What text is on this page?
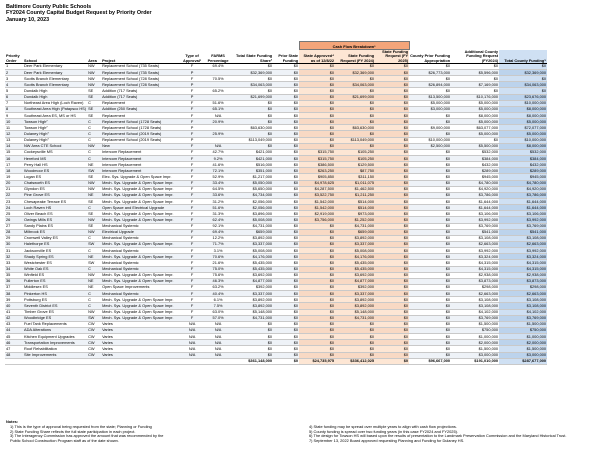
Baltimore County Public Schools
FY2024 County Capital Budget Request by Priority Order
January 10, 2023
								Cash Flow Breakdown³					
Priority Order	School	Area	Project	Type of Approval¹	FARMS Percentage	Total State Funding Share²	Prior State Funding	State Approved⁴ as of 12/8/22	State Funding Request (FY 2024)	State Funding Request (FY 2025)	County Prior Funding Appropriation	Additional County Funding Request (FY2024)	Total County Funding⁵
1	Deer Park Elementary	NW	Replacement School (735 Seats)	F	69.4%	$0	$0	$0	$0	$0	$0	$0	$0
2	Deer Park Elementary	NW	Replacement School (735 Seats)	P		$32,369,000	$0	$0	$32,369,000	$0	$26,773,000	$5,596,000	$32,369,000
3	Scotts Branch Elementary	NW	Replacement School (728 Seats)	F	70.5%	$0	$0	$0	$0	$0	$0	$0	$0
4	Scotts Branch Elementary	NW	Replacement School (728 Seats)	P		$34,063,000	$0	$0	$34,063,000	$0	$26,894,000	$7,169,000	$34,063,000
5	Dundalk High	SE	Addition (717 Seats)	F	65.2%	$0	$0	$0	$0	$0	$0	$0	$0
6	Dundalk High	SE	Addition (717 Seats)	P		$21,699,000	$0	$0	$21,699,000	$0	$13,500,000	$10,176,000	$23,676,000
7	Northeast Area High (Loch Raven)	C	Replacement	F	51.6%	$0	$0	$0	$0	$0	$5,000,000	$5,000,000	$10,000,000
8	Southeast Area High (Patapsco HS)	SE	Addition (250 Seats)	F	65.1%	$0	$0	$0	$0	$0	$3,000,000	$5,000,000	$8,000,000
9	Southeast Area ES, MS or HS	SE	Replacement	F	N/A	$0	$0	$0	$0	$0	$0	$8,000,000	$8,000,000
10	Towson High⁷	C	Replacement School (1728 Seats)	F	20.9%	$0	$0	$0	$0	$0	$0	$5,000,000	$5,000,000
11	Towson High⁷	C	Replacement School (1728 Seats)	P		$63,630,000	$0	$0	$63,630,000	$0	$9,000,000	$63,077,000	$72,077,000
12	Dulaney High⁷	C	Replacement School (2019 Seats)	F	25.9%	$0	$0	$0	$0	$0	$0	$5,000,000	$5,000,000
13	Dulaney High⁷	C	Replacement School (2019 Seats)	P		$113,049,000	$0	$0	$113,049,000	$0	$10,000,000	$0	$10,000,000
14	NW Area CTE School	NW	New	F	N/A	$0	$0	$0	$0	$0	$2,500,000	$5,500,000	$8,000,000
15	Cockeysville MS	C	Intercom Replacement	F	42.7%	$421,000	$0	$315,750	$105,250	$0	$0	$532,000	$532,000
16	Hereford MS	C	Intercom Replacement	F	9.2%	$421,000	$0	$315,750	$105,250	$0	$0	$384,000	$384,000
17	Perry Hall HS	NE	Intercom Replacement	F	41.6%	$516,000	$0	$386,500	$129,500	$0	$0	$432,000	$432,000
18	Woodmoor ES	SW	Intercom Replacement	F	72.1%	$351,000	$0	$263,250	$87,750	$0	$0	$289,000	$289,000
19	Logan ES	SE	Elec. Sys. Upgrade & Open Space Impr.	F	52.9%	$1,217,000	$0	$905,850	$311,150	$0	$0	$945,000	$945,000
20	Chatsworth ES	NW	Mech. Sys. Upgrade & Open Space Impr.	F	33.4%	$5,050,000	$0	$4,978,625	$1,011,075	$0	$0	$4,780,000	$4,780,000
21	Glyndon ES	NW	Mech. Sys. Upgrade & Open Space Impr.	F	64.5%	$5,650,000	$0	$4,287,500	$1,462,500	$0	$0	$4,920,000	$4,920,000
22	Pine Grove ES	NE	Mech. Sys. Upgrade & Open Space Impr.	F	33.6%	$4,734,000	$0	$3,522,750	$1,211,250	$0	$0	$3,786,000	$3,786,000
23	Chesapeake Terrace ES	SE	Mech. Sys. Upgrade & Open Space Impr.	F	31.2%	$2,056,000	$0	$1,542,000	$514,000	$0	$0	$1,644,000	$1,644,000
24	Loch Raven HS	C	Open Space and Electrical Upgrade	F	51.6%	$2,056,000	$0	$1,542,000	$514,000	$0	$0	$1,644,000	$1,644,000
25	Oliver Beach ES	SE	Mech. Sys. Upgrade & Open Space Impr.	F	31.3%	$3,896,000	$0	$2,919,000	$973,000	$0	$0	$3,106,000	$3,106,000
26	Owings Mills ES	NW	Mech. Sys. Upgrade & Open Space Impr.	F	62.4%	$5,008,000	$0	$3,756,000	$1,252,000	$0	$0	$3,992,000	$3,992,000
27	Sandy Plains ES	SE	Mechanical Systemic	F	92.1%	$4,731,000	$0	$0	$4,731,000	$0	$0	$3,769,000	$3,769,000
28	Milbrook ES	NW	Electrical Upgrade	F	69.4%	$659,000	$0	$0	$659,000	$0	$0	$541,000	$541,000
29	Cromwell Valley ES	C	Mechanical Systemic	F	12.2%	$3,892,000	$0	$0	$3,892,000	$0	$0	$3,108,000	$3,108,000
30	Halethorpe ES	SW	Mech. Sys. Upgrade & Open Space Impr.	F	71.7%	$3,337,000	$0	$0	$3,337,000	$0	$0	$2,663,000	$2,663,000
31	Jacksonville ES	C	Mechanical Systemic	F	3.1%	$5,008,000	$0	$0	$5,008,000	$0	$0	$3,992,000	$3,992,000
32	Shady Spring ES	NE	Mech. Sys. Upgrade & Open Space Impr.	F	70.6%	$4,176,000	$0	$0	$4,176,000	$0	$0	$3,324,000	$3,324,000
33	Westchester ES	SW	Mechanical Systemic	F	21.6%	$5,435,000	$0	$0	$5,435,000	$0	$0	$4,315,000	$4,315,000
34	White Oak ES	C	Mechanical Systemic	F	75.0%	$5,435,000	$0	$0	$5,435,000	$0	$0	$4,315,000	$4,315,000
35	Winfield ES	NW	Mech. Sys. Upgrade & Open Space Impr.	F	75.6%	$3,692,000	$0	$0	$3,692,000	$0	$0	$2,938,000	$2,938,000
36	Fullerton ES	NE	Mech. Sys. Upgrade & Open Space Impr.	F	46.3%	$4,877,000	$0	$0	$4,877,000	$0	$0	$3,873,000	$3,873,000
37	Middlesex ES	NE	Open Space Improvements	F	63.2%	$392,000	$0	$0	$392,000	$0	$0	$298,000	$298,000
38	Pinkerton HS	C	Mechanical Systemic	F	40.4%	$3,337,000	$0	$0	$3,337,000	$0	$0	$2,663,000	$2,663,000
39	Pottsburg ES	C	Mech. Sys. Upgrade & Open Space Impr.	F	6.1%	$3,892,000	$0	$0	$3,892,000	$0	$0	$3,108,000	$3,108,000
40	Seventh District ES	C	Mech. Sys. Upgrade & Open Space Impr.	F	7.5%	$3,892,000	$0	$0	$3,892,000	$0	$0	$3,108,000	$3,108,000
41	Timber Grove ES	NW	Mech. Sys. Upgrade & Open Space Impr.	F	63.0%	$5,148,000	$0	$0	$5,148,000	$0	$0	$4,102,000	$4,102,000
42	Woodbridge ES	SW	Mech. Sys. Upgrade & Open Space Impr.	F	57.0%	$4,731,000	$0	$0	$4,731,000	$0	$0	$3,769,000	$3,769,000
43	Fuel Tank Replacements	CW	Varies	N/A	N/A	$0	$0	$0	$0	$0	$0	$1,500,000	$1,500,000
44	ADA Alterations	CW	Varies	N/A	N/A	$0	$0	$0	$0	$0	$0	$750,000	$750,000
45	Kitchen Equipment Upgrades	CW	Varies	N/A	N/A	$0	$0	$0	$0	$0	$0	$1,000,000	$1,000,000
46	Transportation Improvements	CW	Varies	N/A	N/A	$0	$0	$0	$0	$0	$0	$2,000,000	$2,000,000
47	Roof Rehabilitation	CW	Varies	N/A	N/A	$0	$0	$0	$0	$0	$0	$1,500,000	$1,500,000
48	Site Improvements	CW	Varies	N/A	N/A	$0	$0	$0	$0	$0	$0	$3,000,000	$3,000,000
						$361,148,000	$0	$24,735,975	$336,412,025	$0	$96,667,000	$191,010,000	$287,677,000
Notes:
1) This is the type of approval being requested from the state; Planning or Funding
2) State Funding Share reflects the full state participation in each project.
3) The Interagency Commission has approved the amount that was recommended by the
Public School Construction Program staff as of the date shown.
4) State funding may be spread over multiple years to align with cash flow projections.
5) County funding is spread over two funding years (in this case FY2024 and FY2025).
6) The design for Towson HS will based upon the results of presentation to the Landmark Preservation Commission and the Maryland Historical Trust.
7) September 13, 2022 Board approved requesting Planning and Funding for Dulaney HS.
